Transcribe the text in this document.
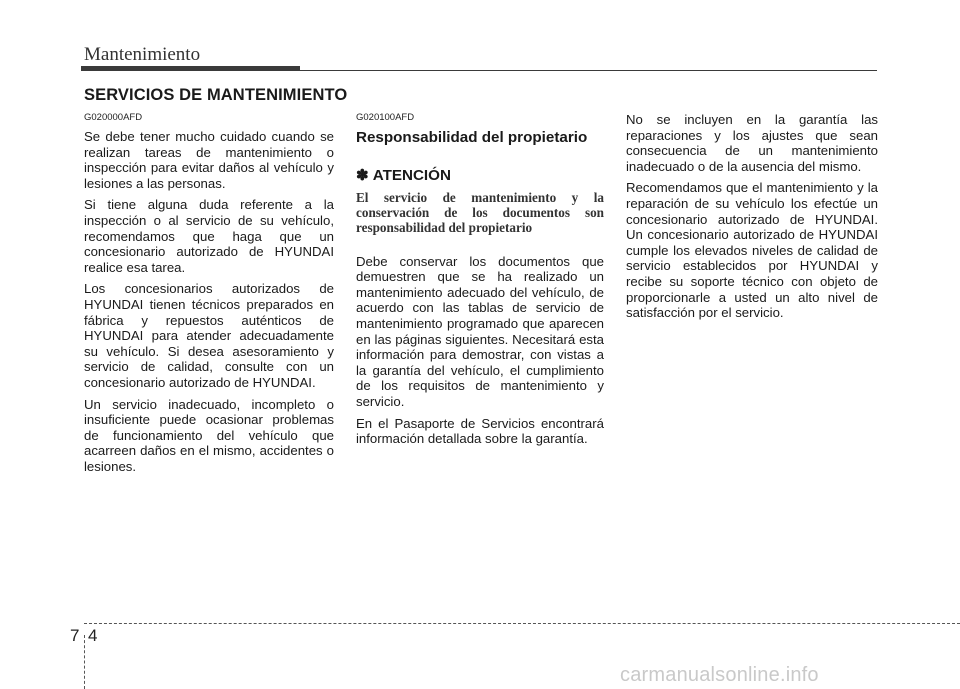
Mantenimiento
SERVICIOS DE MANTENIMIENTO
G020000AFD

Se debe tener mucho cuidado cuando se realizan tareas de mantenimiento o inspección para evitar daños al vehículo y lesiones a las personas.

Si tiene alguna duda referente a la inspección o al servicio de su vehículo, recomendamos que haga que un concesionario autorizado de HYUNDAI realice esa tarea.

Los concesionarios autorizados de HYUNDAI tienen técnicos preparados en fábrica y repuestos auténticos de HYUNDAI para atender adecuadamente su vehículo. Si desea asesoramiento y servicio de calidad, consulte con un concesionario autorizado de HYUNDAI.

Un servicio inadecuado, incompleto o insuficiente puede ocasionar problemas de funcionamiento del vehículo que acarreen daños en el mismo, accidentes o lesiones.

G020100AFD
Responsabilidad del propietario
✽ ATENCIÓN
El servicio de mantenimiento y la conservación de los documentos son responsabilidad del propietario

Debe conservar los documentos que demuestren que se ha realizado un mantenimiento adecuado del vehículo, de acuerdo con las tablas de servicio de mantenimiento programado que aparecen en las páginas siguientes. Necesitará esta información para demostrar, con vistas a la garantía del vehículo, el cumplimiento de los requisitos de mantenimiento y servicio.

En el Pasaporte de Servicios encontrará información detallada sobre la garantía.

No se incluyen en la garantía las reparaciones y los ajustes que sean consecuencia de un mantenimiento inadecuado o de la ausencia del mismo.

Recomendamos que el mantenimiento y la reparación de su vehículo los efectúe un concesionario autorizado de HYUNDAI. Un concesionario autorizado de HYUNDAI cumple los elevados niveles de calidad de servicio establecidos por HYUNDAI y recibe su soporte técnico con objeto de proporcionarle a usted un alto nivel de satisfacción por el servicio.

7 4
carmanualsonline.info
